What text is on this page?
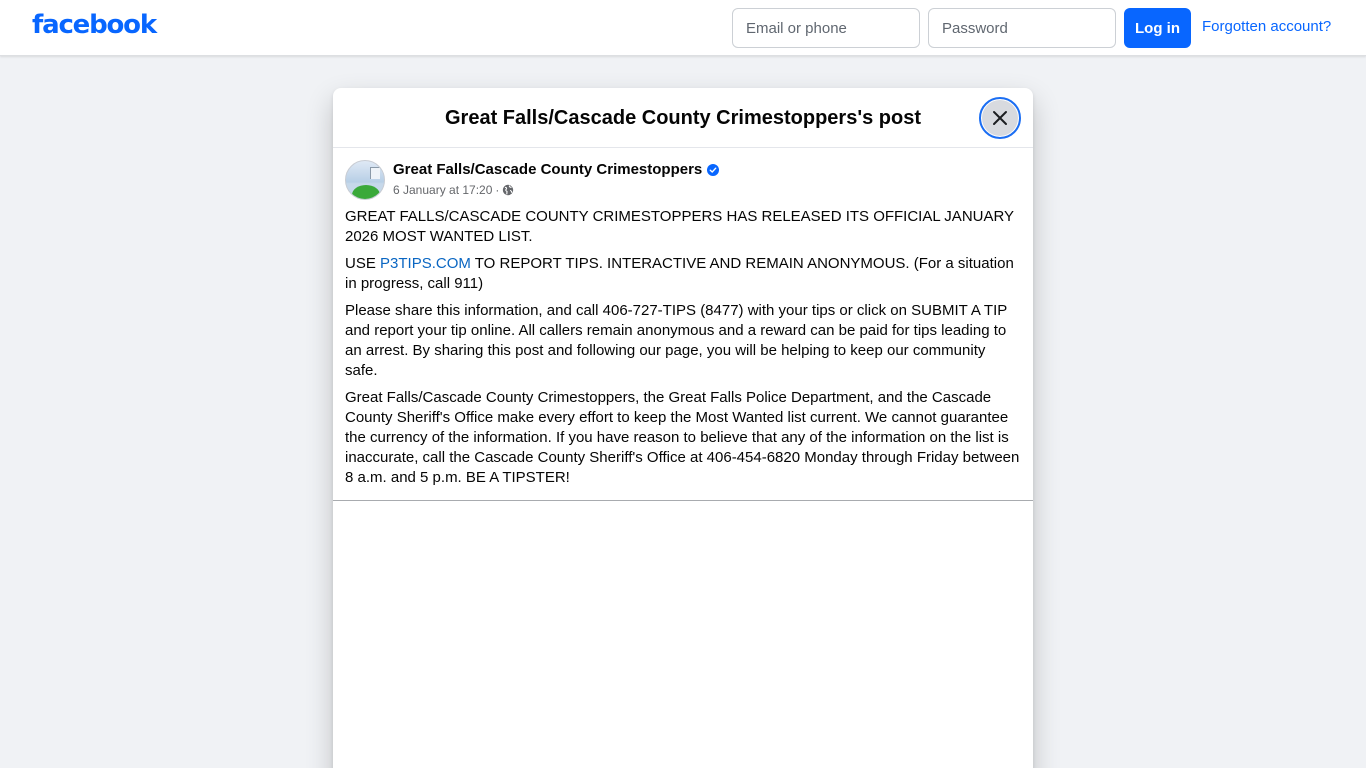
facebook
Email or phone	Log in	Forgotten account?
Great Falls/Cascade County Crimestoppers's post
Great Falls/Cascade County Crimestoppers
6 January at 17:20 ·

GREAT FALLS/CASCADE COUNTY CRIMESTOPPERS HAS RELEASED ITS OFFICIAL JANUARY 2026 MOST WANTED LIST.

USE P3TIPS.COM TO REPORT TIPS. INTERACTIVE AND REMAIN ANONYMOUS. (For a situation in progress, call 911)

Please share this information, and call 406-727-TIPS (8477) with your tips or click on SUBMIT A TIP and report your tip online. All callers remain anonymous and a reward can be paid for tips leading to an arrest. By sharing this post and following our page, you will be helping to keep our community safe.

Great Falls/Cascade County Crimestoppers, the Great Falls Police Department, and the Cascade County Sheriff's Office make every effort to keep the Most Wanted list current. We cannot guarantee the currency of the information. If you have reason to believe that any of the information on the list is inaccurate, call the Cascade County Sheriff's Office at 406-454-6820 Monday through Friday between 8 a.m. and 5 p.m. BE A TIPSTER!
